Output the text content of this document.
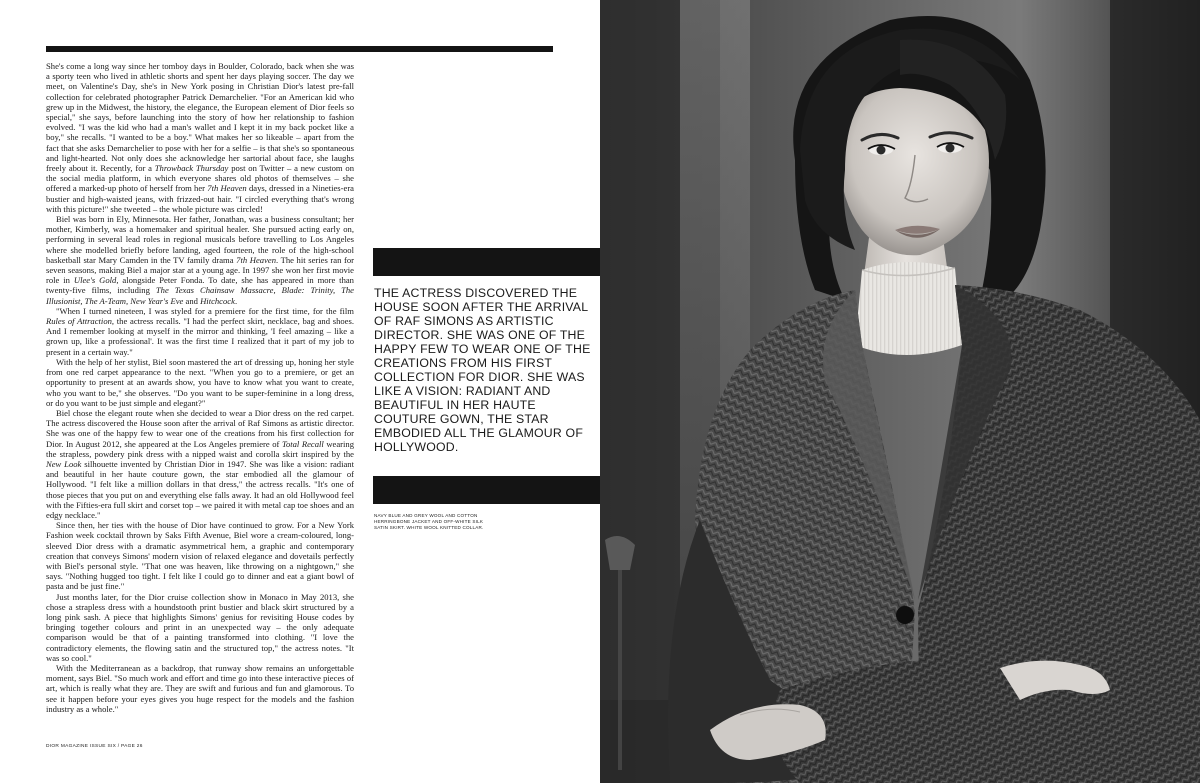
She's come a long way since her tomboy days in Boulder, Colorado, back when she was a sporty teen who lived in athletic shorts and spent her days playing soccer. The day we meet, on Valentine's Day, she's in New York posing in Christian Dior's latest pre-fall collection for celebrated photographer Patrick Demarchelier. "For an American kid who grew up in the Midwest, the history, the elegance, the European element of Dior feels so special," she says, before launching into the story of how her relationship to fashion evolved. "I was the kid who had a man's wallet and I kept it in my back pocket like a boy," she recalls. "I wanted to be a boy." What makes her so likeable – apart from the fact that she asks Demarchelier to pose with her for a selfie – is that she's so spontaneous and light-hearted. Not only does she acknowledge her sartorial about face, she laughs freely about it. Recently, for a Throwback Thursday post on Twitter – a new custom on the social media platform, in which everyone shares old photos of themselves – she offered a marked-up photo of herself from her 7th Heaven days, dressed in a Nineties-era bustier and high-waisted jeans, with frizzed-out hair. "I circled everything that's wrong with this picture!" she tweeted – the whole picture was circled!

Biel was born in Ely, Minnesota. Her father, Jonathan, was a business consultant; her mother, Kimberly, was a homemaker and spiritual healer. She pursued acting early on, performing in several lead roles in regional musicals before travelling to Los Angeles where she modelled briefly before landing, aged fourteen, the role of the high-school basketball star Mary Camden in the TV family drama 7th Heaven. The hit series ran for seven seasons, making Biel a major star at a young age. In 1997 she won her first movie role in Ulee's Gold, alongside Peter Fonda. To date, she has appeared in more than twenty-five films, including The Texas Chainsaw Massacre, Blade: Trinity, The Illusionist, The A-Team, New Year's Eve and Hitchcock.

"When I turned nineteen, I was styled for a premiere for the first time, for the film Rules of Attraction, the actress recalls. "I had the perfect skirt, necklace, bag and shoes. And I remember looking at myself in the mirror and thinking, 'I feel amazing – like a grown up, like a professional'. It was the first time I realized that it part of my job to present in a certain way."

With the help of her stylist, Biel soon mastered the art of dressing up, honing her style from one red carpet appearance to the next. "When you go to a premiere, or get an opportunity to present at an awards show, you have to know what you want to create, who you want to be," she observes. "Do you want to be super-feminine in a long dress, or do you want to be just simple and elegant?"

Biel chose the elegant route when she decided to wear a Dior dress on the red carpet. The actress discovered the House soon after the arrival of Raf Simons as artistic director. She was one of the happy few to wear one of the creations from his first collection for Dior. In August 2012, she appeared at the Los Angeles premiere of Total Recall wearing the strapless, powdery pink dress with a nipped waist and corolla skirt inspired by the New Look silhouette invented by Christian Dior in 1947. She was like a vision: radiant and beautiful in her haute couture gown, the star embodied all the glamour of Hollywood. "I felt like a million dollars in that dress," the actress recalls. "It's one of those pieces that you put on and everything else falls away. It had an old Hollywood feel with the Fifties-era full skirt and corset top – we paired it with metal cap toe shoes and an edgy necklace."

Since then, her ties with the house of Dior have continued to grow. For a New York Fashion week cocktail thrown by Saks Fifth Avenue, Biel wore a cream-coloured, long-sleeved Dior dress with a dramatic asymmetrical hem, a graphic and contemporary creation that conveys Simons' modern vision of relaxed elegance and dovetails perfectly with Biel's personal style. "That one was heaven, like throwing on a nightgown," she says. "Nothing hugged too tight. I felt like I could go to dinner and eat a giant bowl of pasta and be just fine."

Just months later, for the Dior cruise collection show in Monaco in May 2013, she chose a strapless dress with a houndstooth print bustier and black skirt structured by a long pink sash. A piece that highlights Simons' genius for revisiting House codes by bringing together colours and print in an unexpected way – the only adequate comparison would be that of a painting transformed into clothing. "I love the contradictory elements, the flowing satin and the structured top," the actress notes. "It was so cool."

With the Mediterranean as a backdrop, that runway show remains an unforgettable moment, says Biel. "So much work and effort and time go into these interactive pieces of art, which is really what they are. They are swift and furious and fun and glamorous. To see it happen before your eyes gives you huge respect for the models and the fashion industry as a whole."

THE ACTRESS DISCOVERED THE HOUSE SOON AFTER THE ARRIVAL OF RAF SIMONS AS ARTISTIC DIRECTOR. SHE WAS ONE OF THE HAPPY FEW TO WEAR ONE OF THE CREATIONS FROM HIS FIRST COLLECTION FOR DIOR. SHE WAS LIKE A VISION: RADIANT AND BEAUTIFUL IN HER HAUTE COUTURE GOWN, THE STAR EMBODIED ALL THE GLAMOUR OF HOLLYWOOD.
NAVY BLUE AND GREY WOOL AND COTTON HERRINGBONE JACKET AND OFF-WHITE SILK SATIN SKIRT. WHITE WOOL KNITTED COLLAR.
DIOR MAGAZINE ISSUE SIX / PAGE 26
